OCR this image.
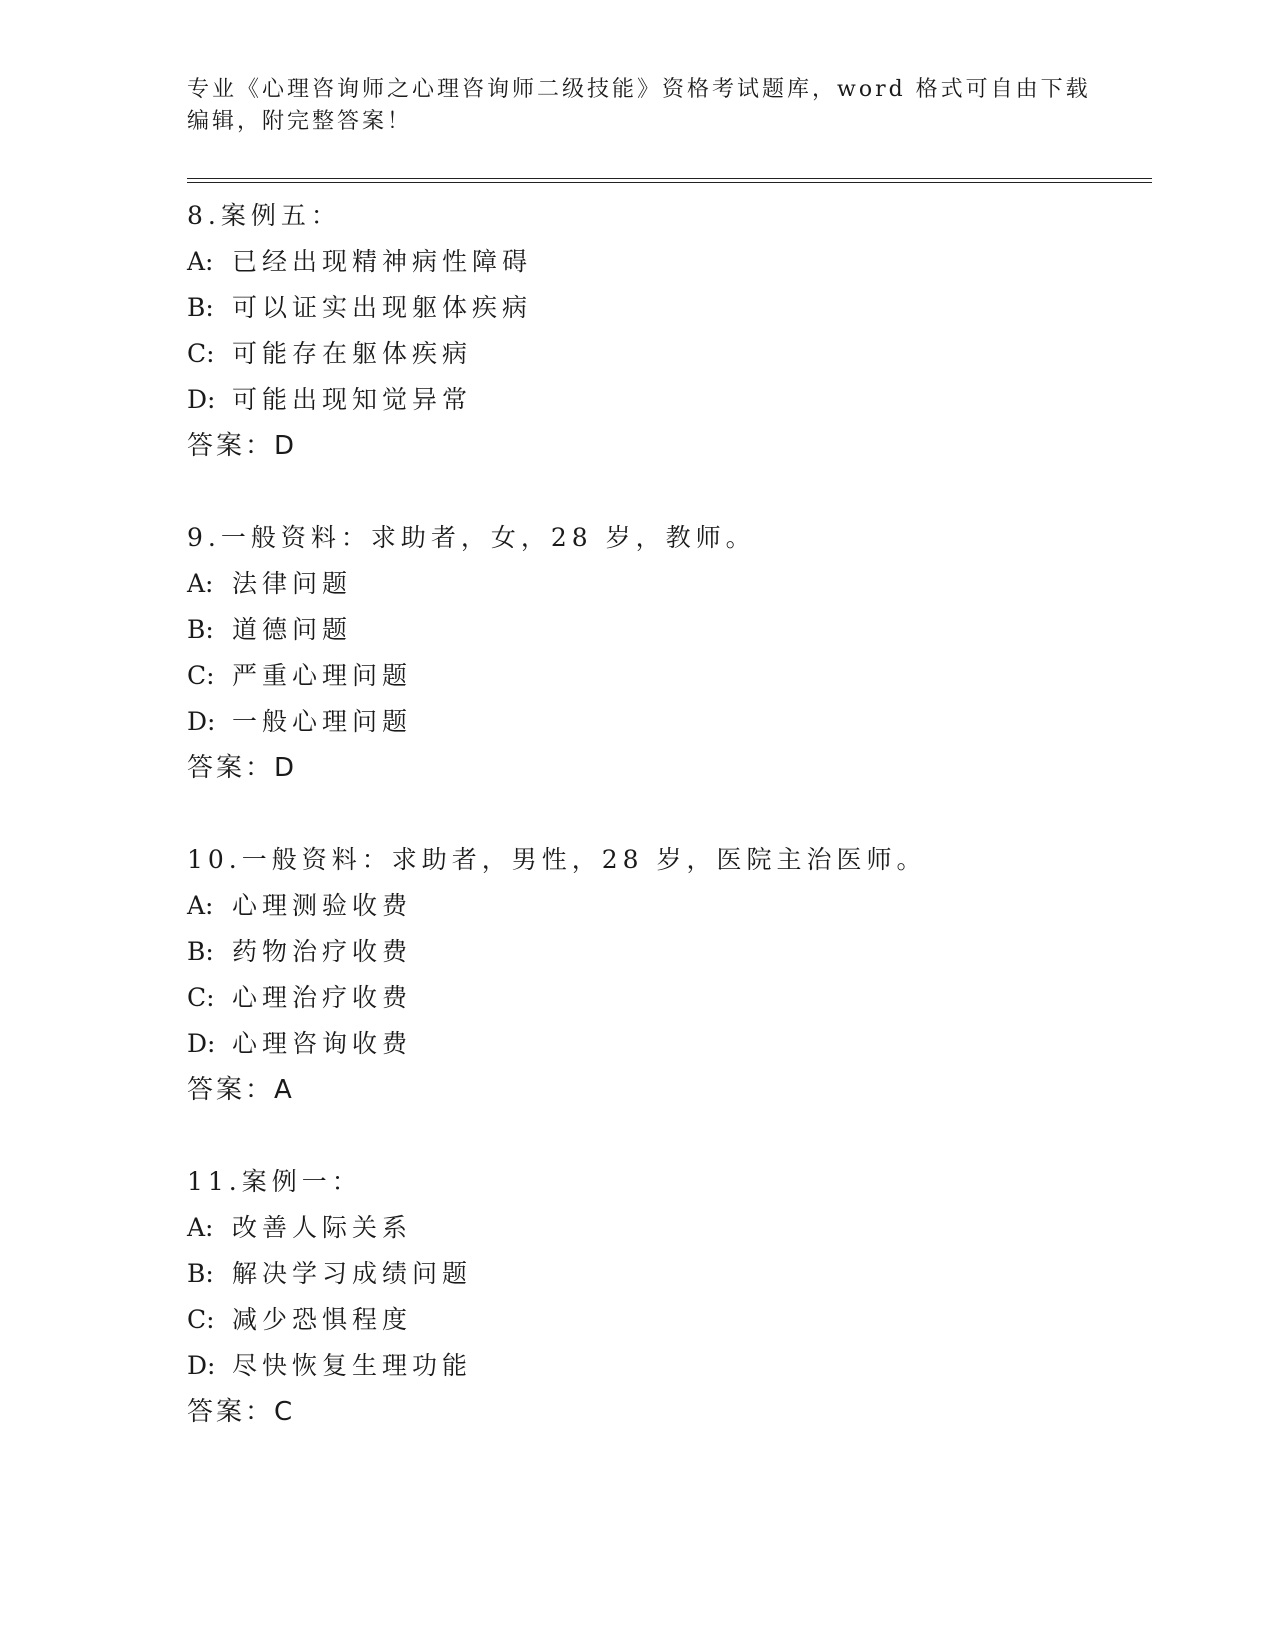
专业《心理咨询师之心理咨询师二级技能》资格考试题库，word 格式可自由下载
编辑，附完整答案！
8.案例五：
A: 已经出现精神病性障碍
B: 可以证实出现躯体疾病
C: 可能存在躯体疾病
D: 可能出现知觉异常
答案：D
9.一般资料：求助者，女，28 岁，教师。
A: 法律问题
B: 道德问题
C: 严重心理问题
D: 一般心理问题
答案：D
10.一般资料：求助者，男性，28 岁，医院主治医师。
A: 心理测验收费
B: 药物治疗收费
C: 心理治疗收费
D: 心理咨询收费
答案：A
11.案例一：
A: 改善人际关系
B: 解决学习成绩问题
C: 减少恐惧程度
D: 尽快恢复生理功能
答案：C
